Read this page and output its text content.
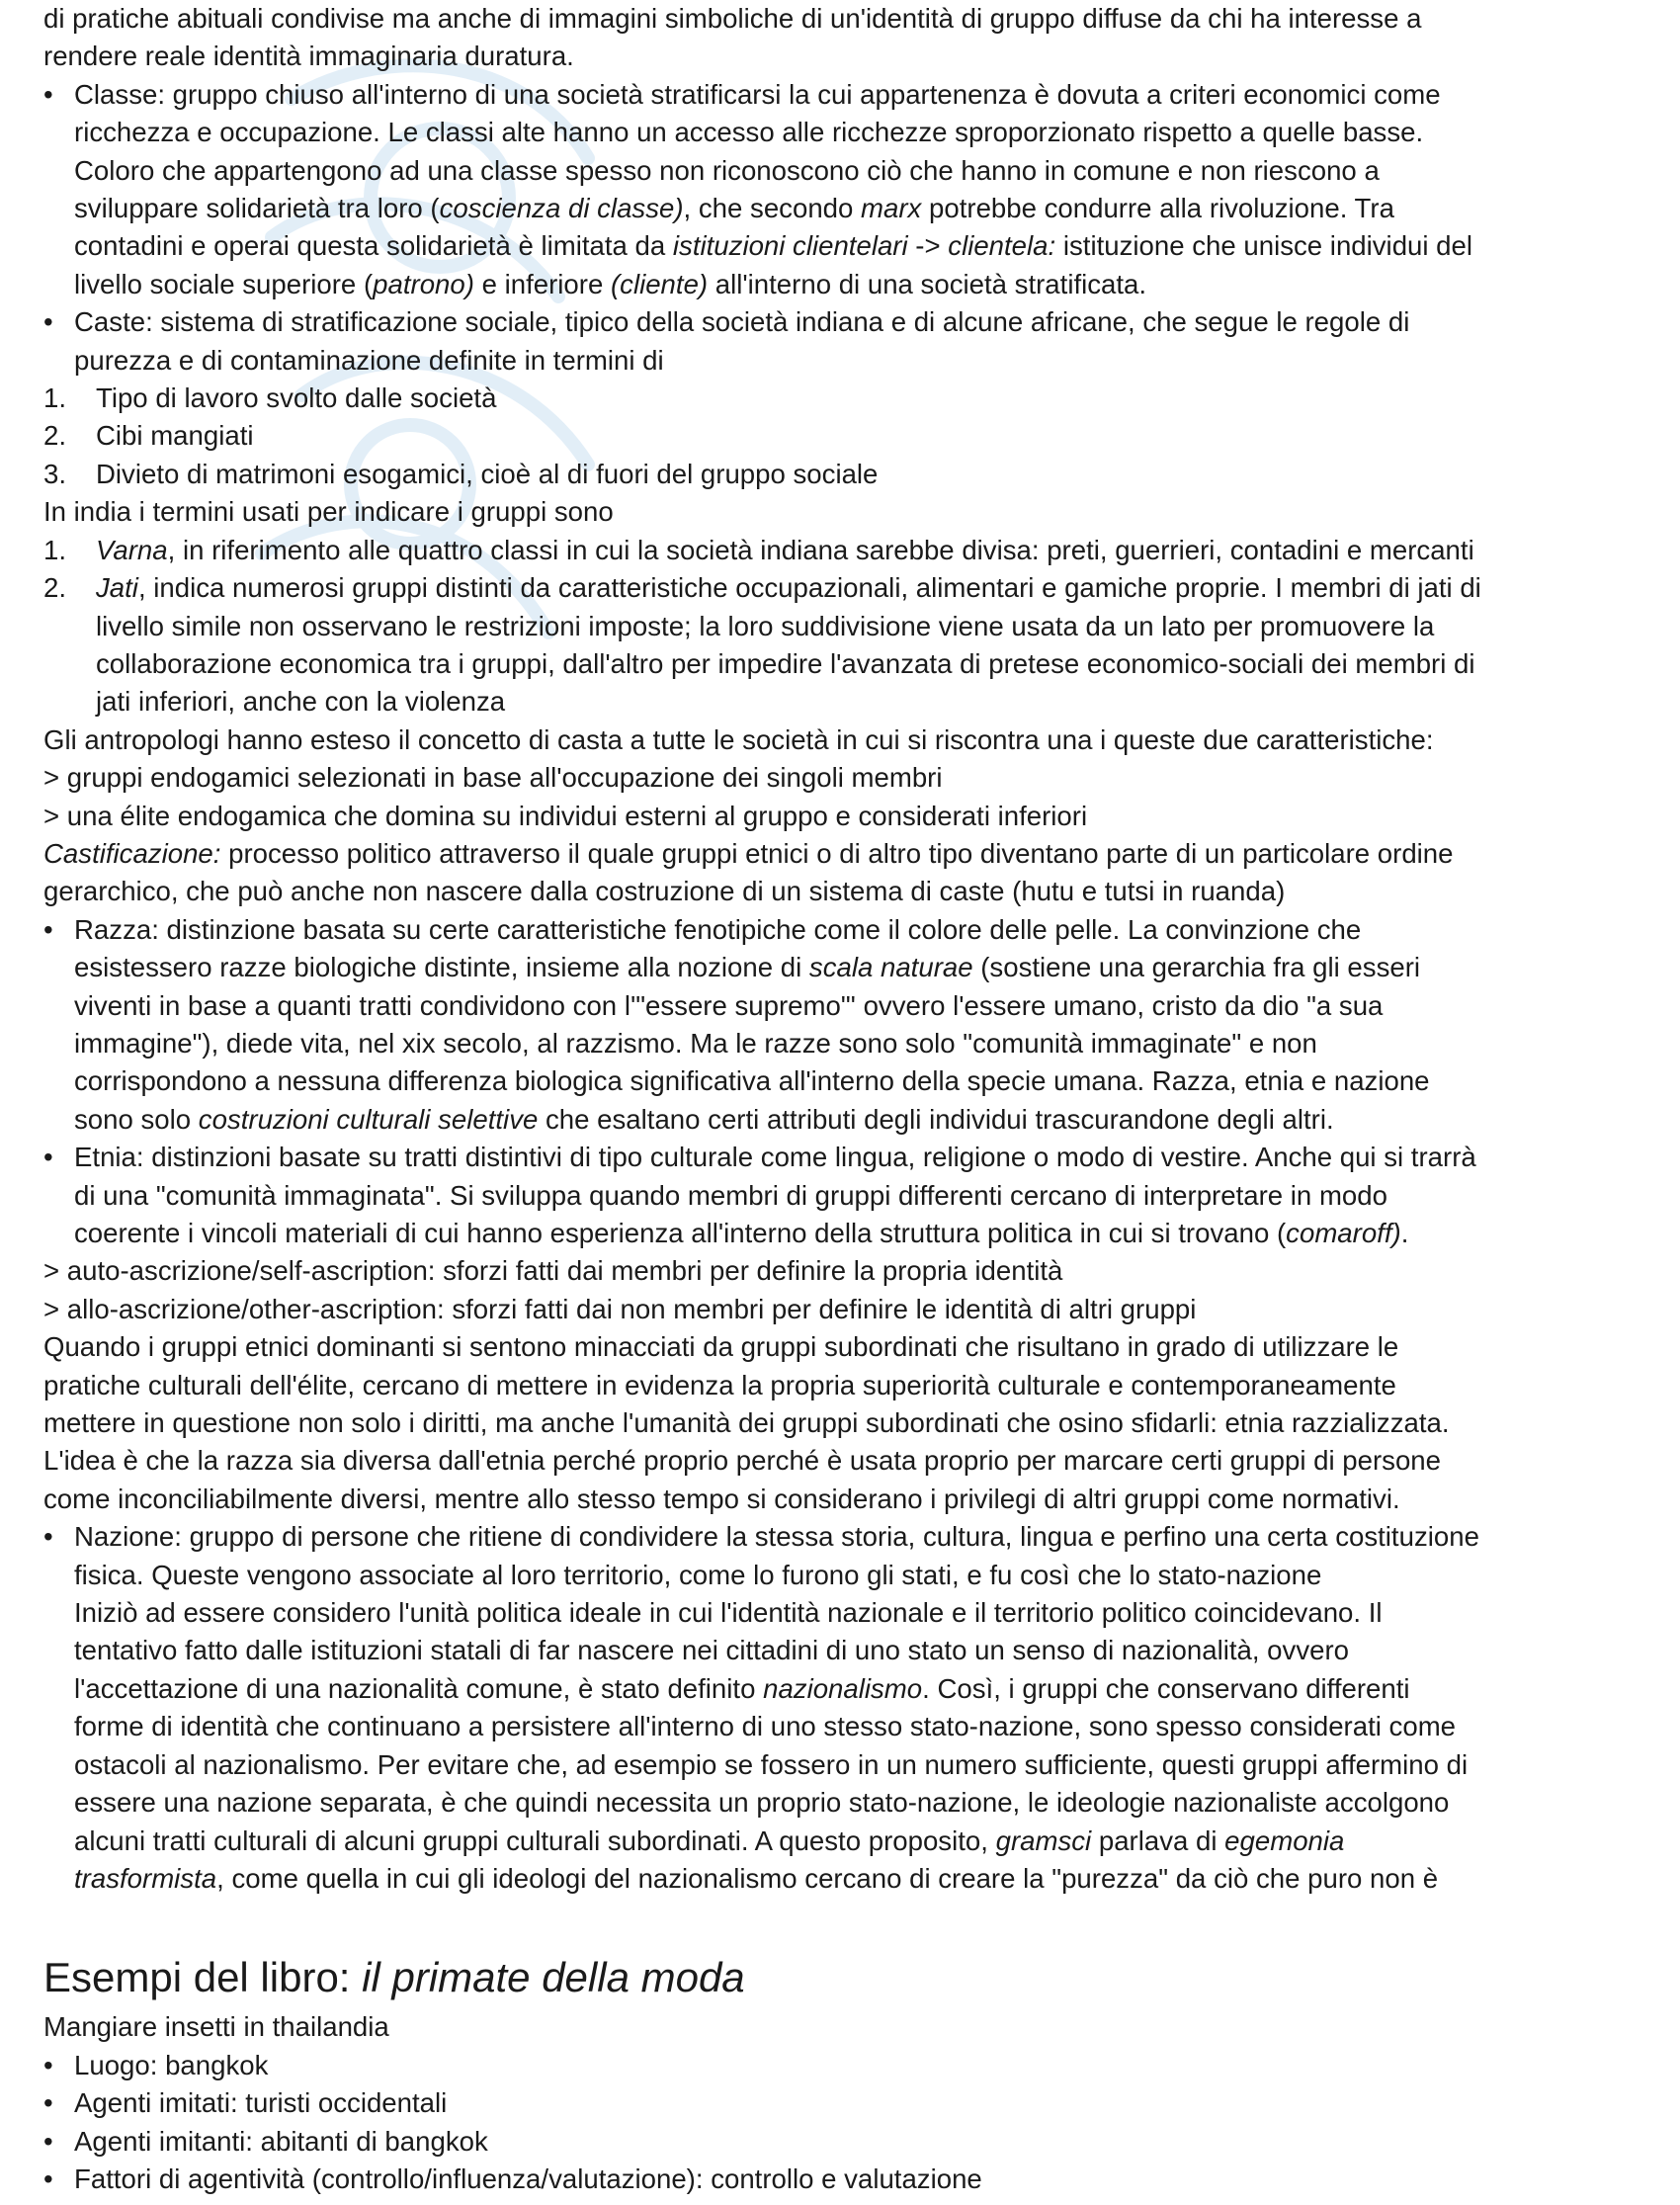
di pratiche abituali condivise ma anche di immagini simboliche di un'identità di gruppo diffuse da chi ha interesse a
rendere reale identità immaginaria duratura.
• Classe: gruppo chiuso all'interno di una società stratificarsi la cui appartenenza è dovuta a criteri economici come
ricchezza e occupazione. Le classi alte hanno un accesso alle ricchezze sproporzionato rispetto a quelle basse.
Coloro che appartengono ad una classe spesso non riconoscono ciò che hanno in comune e non riescono a
sviluppare solidarietà tra loro (coscienza di classe), che secondo marx potrebbe condurre alla rivoluzione. Tra
contadini e operai questa solidarietà è limitata da istituzioni clientelari -> clientela: istituzione che unisce individui del
livello sociale superiore (patrono) e inferiore (cliente) all'interno di una società stratificata.
• Caste: sistema di stratificazione sociale, tipico della società indiana e di alcune africane, che segue le regole di
purezza e di contaminazione definite in termini di
1. Tipo di lavoro svolto dalle società
2. Cibi mangiati
3. Divieto di matrimoni esogamici, cioè al di fuori del gruppo sociale
In india i termini usati per indicare i gruppi sono
1. Varna, in riferimento alle quattro classi in cui la società indiana sarebbe divisa: preti, guerrieri, contadini e mercanti
2. Jati, indica numerosi gruppi distinti da caratteristiche occupazionali, alimentari e gamiche proprie. I membri di jati di
livello simile non osservano le restrizioni imposte; la loro suddivisione viene usata da un lato per promuovere la
collaborazione economica tra i gruppi, dall'altro per impedire l'avanzata di pretese economico-sociali dei membri di
jati inferiori, anche con la violenza
Gli antropologi hanno esteso il concetto di casta a tutte le società in cui si riscontra una i queste due caratteristiche:
> gruppi endogamici selezionati in base all'occupazione dei singoli membri
> una élite endogamica che domina su individui esterni al gruppo e considerati inferiori
Castificazione: processo politico attraverso il quale gruppi etnici o di altro tipo diventano parte di un particolare ordine
gerarchico, che può anche non nascere dalla costruzione di un sistema di caste (hutu e tutsi in ruanda)
• Razza: distinzione basata su certe caratteristiche fenotipiche come il colore delle pelle. La convinzione che
esistessero razze biologiche distinte, insieme alla nozione di scala naturae (sostiene una gerarchia fra gli esseri
viventi in base a quanti tratti condividono con l'"essere supremo"' ovvero l'essere umano, cristo da dio "a sua
immagine"), diede vita, nel xix secolo, al razzismo. Ma le razze sono solo "comunità immaginate" e non
corrispondono a nessuna differenza biologica significativa all'interno della specie umana. Razza, etnia e nazione
sono solo costruzioni culturali selettive che esaltano certi attributi degli individui trascurandone degli altri.
• Etnia: distinzioni basate su tratti distintivi di tipo culturale come lingua, religione o modo di vestire. Anche qui si trarrà
di una "comunità immaginata". Si sviluppa quando membri di gruppi differenti cercano di interpretare in modo
coerente i vincoli materiali di cui hanno esperienza all'interno della struttura politica in cui si trovano (comaroff).
> auto-ascrizione/self-ascription: sforzi fatti dai membri per definire la propria identità
> allo-ascrizione/other-ascription: sforzi fatti dai non membri per definire le identità di altri gruppi
Quando i gruppi etnici dominanti si sentono minacciati da gruppi subordinati che risultano in grado di utilizzare le
pratiche culturali dell'élite, cercano di mettere in evidenza la propria superiorità culturale e contemporaneamente
mettere in questione non solo i diritti, ma anche l'umanità dei gruppi subordinati che osino sfidarli: etnia razzializzata.
L'idea è che la razza sia diversa dall'etnia perché proprio perché è usata proprio per marcare certi gruppi di persone
come inconciliabilmente diversi, mentre allo stesso tempo si considerano i privilegi di altri gruppi come normativi.
• Nazione: gruppo di persone che ritiene di condividere la stessa storia, cultura, lingua e perfino una certa costituzione
fisica. Queste vengono associate al loro territorio, come lo furono gli stati, e fu così che lo stato-nazione
Iniziò ad essere considero l'unità politica ideale in cui l'identità nazionale e il territorio politico coincidevano. Il
tentativo fatto dalle istituzioni statali di far nascere nei cittadini di uno stato un senso di nazionalità, ovvero
l'accettazione di una nazionalità comune, è stato definito nazionalismo. Così, i gruppi che conservano differenti
forme di identità che continuano a persistere all'interno di uno stesso stato-nazione, sono spesso considerati come
ostacoli al nazionalismo. Per evitare che, ad esempio se fossero in un numero sufficiente, questi gruppi affermino di
essere una nazione separata, è che quindi necessita un proprio stato-nazione, le ideologie nazionaliste accolgono
alcuni tratti culturali di alcuni gruppi culturali subordinati. A questo proposito, gramsci parlava di egemonia
trasformista, come quella in cui gli ideologi del nazionalismo cercano di creare la "purezza" da ciò che puro non è
Esempi del libro: il primate della moda
Mangiare insetti in thailandia
• Luogo: bangkok
• Agenti imitati: turisti occidentali
• Agenti imitanti: abitanti di bangkok
• Fattori di agentività (controllo/influenza/valutazione): controllo e valutazione
